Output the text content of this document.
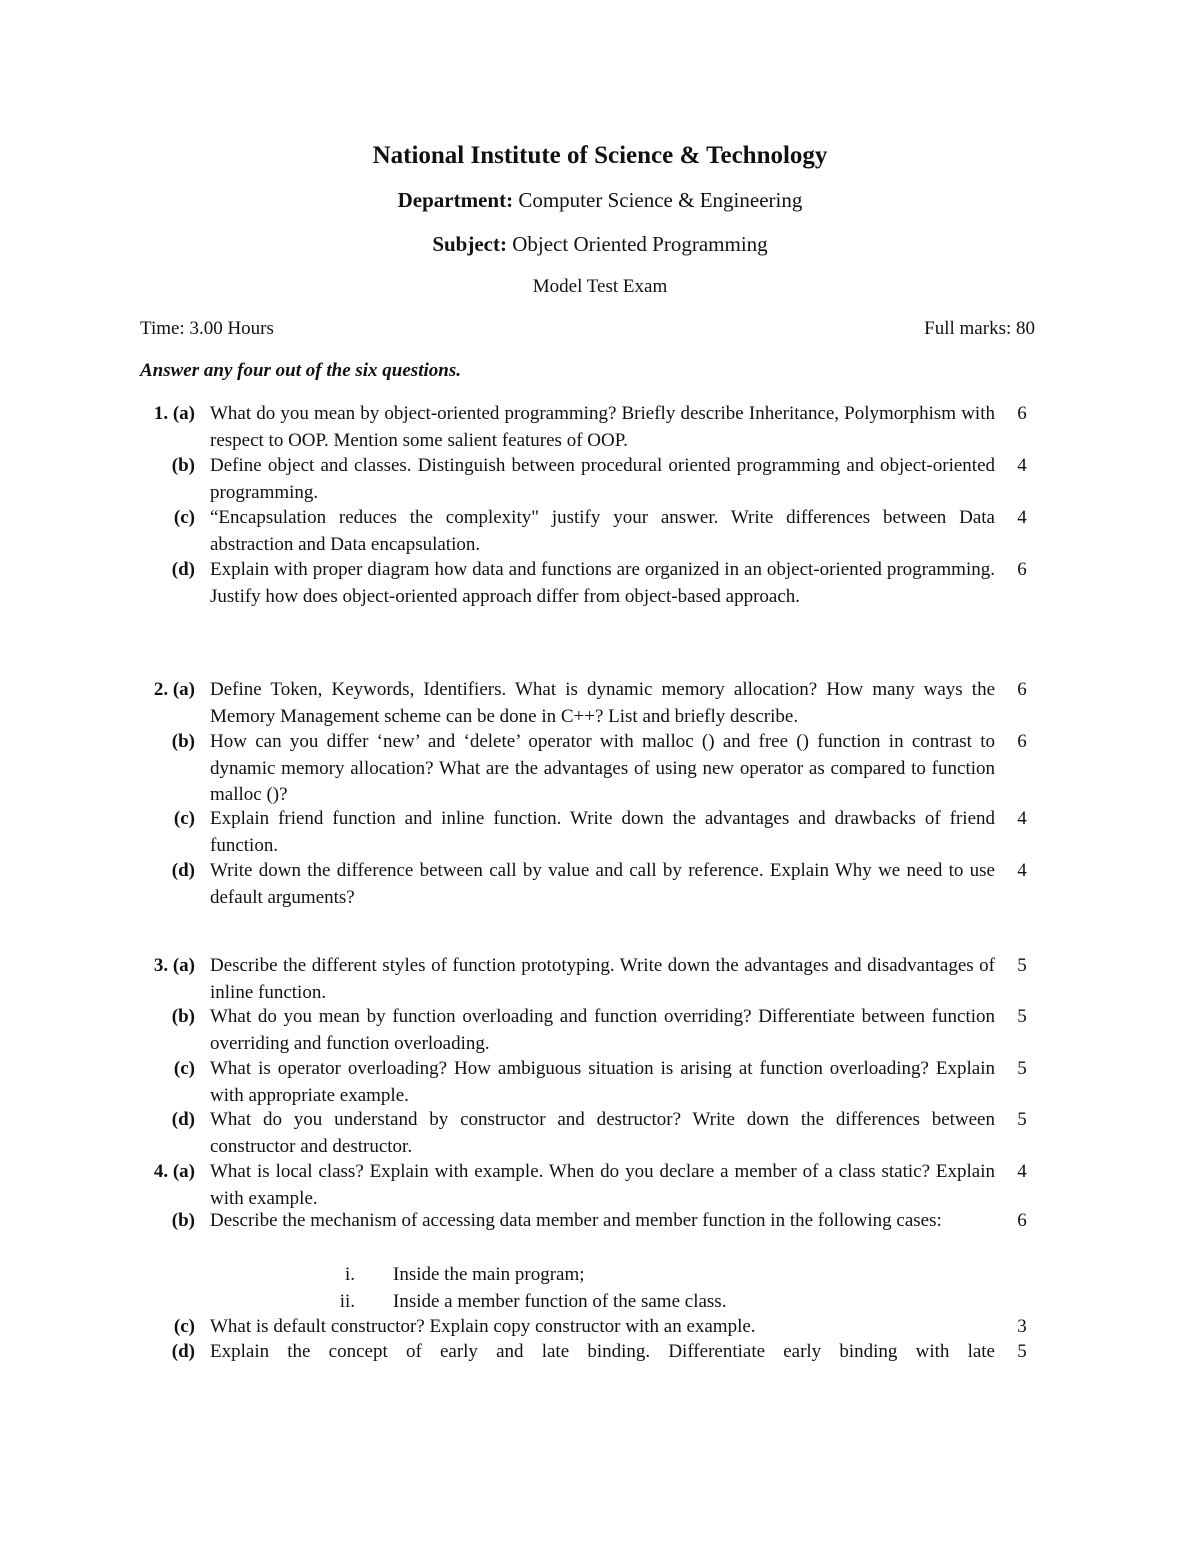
National Institute of Science & Technology
Department: Computer Science & Engineering
Subject: Object Oriented Programming
Model Test Exam
Time: 3.00 Hours	Full marks: 80
Answer any four out of the six questions.
1. (a) What do you mean by object-oriented programming? Briefly describe Inheritance, Polymorphism with respect to OOP. Mention some salient features of OOP.
6
(b) Define object and classes. Distinguish between procedural oriented programming and object-oriented programming.
4
(c) “Encapsulation reduces the complexity" justify your answer. Write differences between Data abstraction and Data encapsulation.
4
(d) Explain with proper diagram how data and functions are organized in an object-oriented programming. Justify how does object-oriented approach differ from object-based approach.
6
2. (a) Define Token, Keywords, Identifiers. What is dynamic memory allocation? How many ways the Memory Management scheme can be done in C++? List and briefly describe.
6
(b) How can you differ ‘new’ and ‘delete’ operator with malloc () and free () function in contrast to dynamic memory allocation? What are the advantages of using new operator as compared to function malloc ()?
6
(c) Explain friend function and inline function. Write down the advantages and drawbacks of friend function.
4
(d) Write down the difference between call by value and call by reference. Explain Why we need to use default arguments?
4
3. (a) Describe the different styles of function prototyping. Write down the advantages and disadvantages of inline function.
5
(b) What do you mean by function overloading and function overriding? Differentiate between function overriding and function overloading.
5
(c) What is operator overloading? How ambiguous situation is arising at function overloading? Explain with appropriate example.
5
(d) What do you understand by constructor and destructor? Write down the differences between constructor and destructor.
5
4. (a) What is local class? Explain with example. When do you declare a member of a class static? Explain with example.
4
(b) Describe the mechanism of accessing data member and member function in the following cases:	6
i. Inside the main program;
ii. Inside a member function of the same class.
(c) What is default constructor? Explain copy constructor with an example.	3
(d) Explain the concept of early and late binding. Differentiate early binding with late 5
